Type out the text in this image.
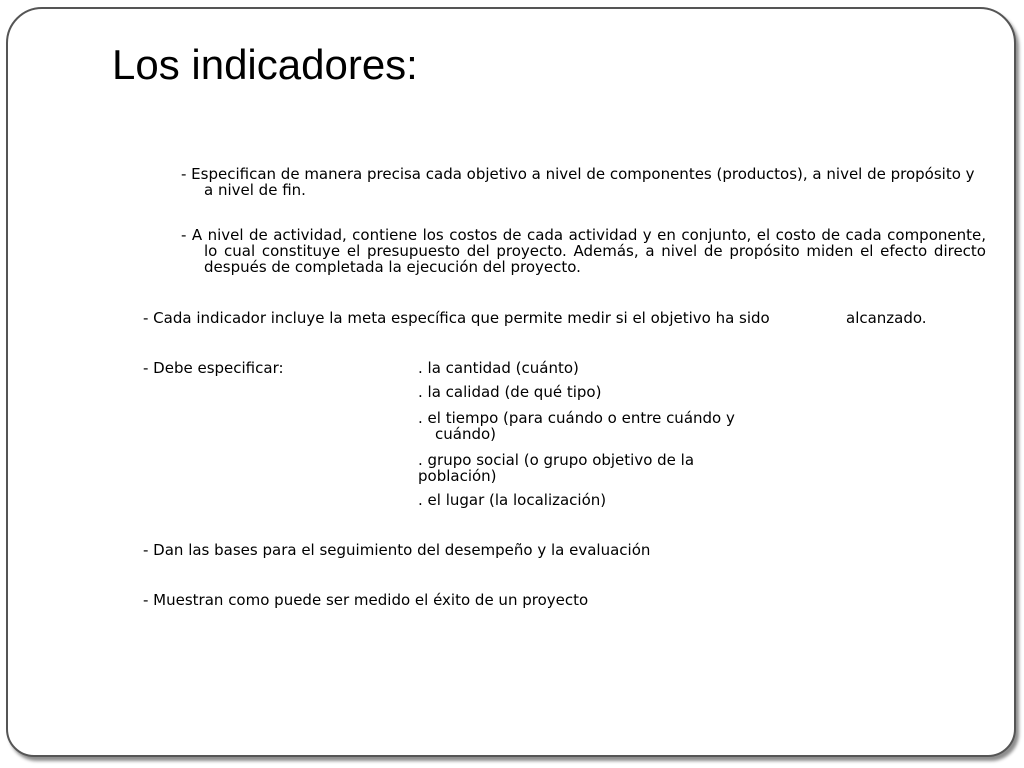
Los indicadores:

- Especifican de manera precisa cada objetivo a nivel de componentes (productos), a nivel de propósito y a nivel de fin.

- A nivel de actividad, contiene los costos de cada actividad y en conjunto, el costo de cada componente, lo cual constituye el presupuesto del proyecto. Además, a nivel de propósito miden el efecto directo después de completada la ejecución del proyecto.

- Cada indicador incluye la meta específica que permite medir si el objetivo ha sido	alcanzado.
- Debe especificar:	. la cantidad (cuánto)
. la calidad (de qué tipo)
. el tiempo (para cuándo o entre cuándo y cuándo)
. grupo social (o grupo objetivo de la población)
. el lugar (la localización)
- Dan las bases para el seguimiento del desempeño y la evaluación
- Muestran como puede ser medido el éxito de un proyecto
